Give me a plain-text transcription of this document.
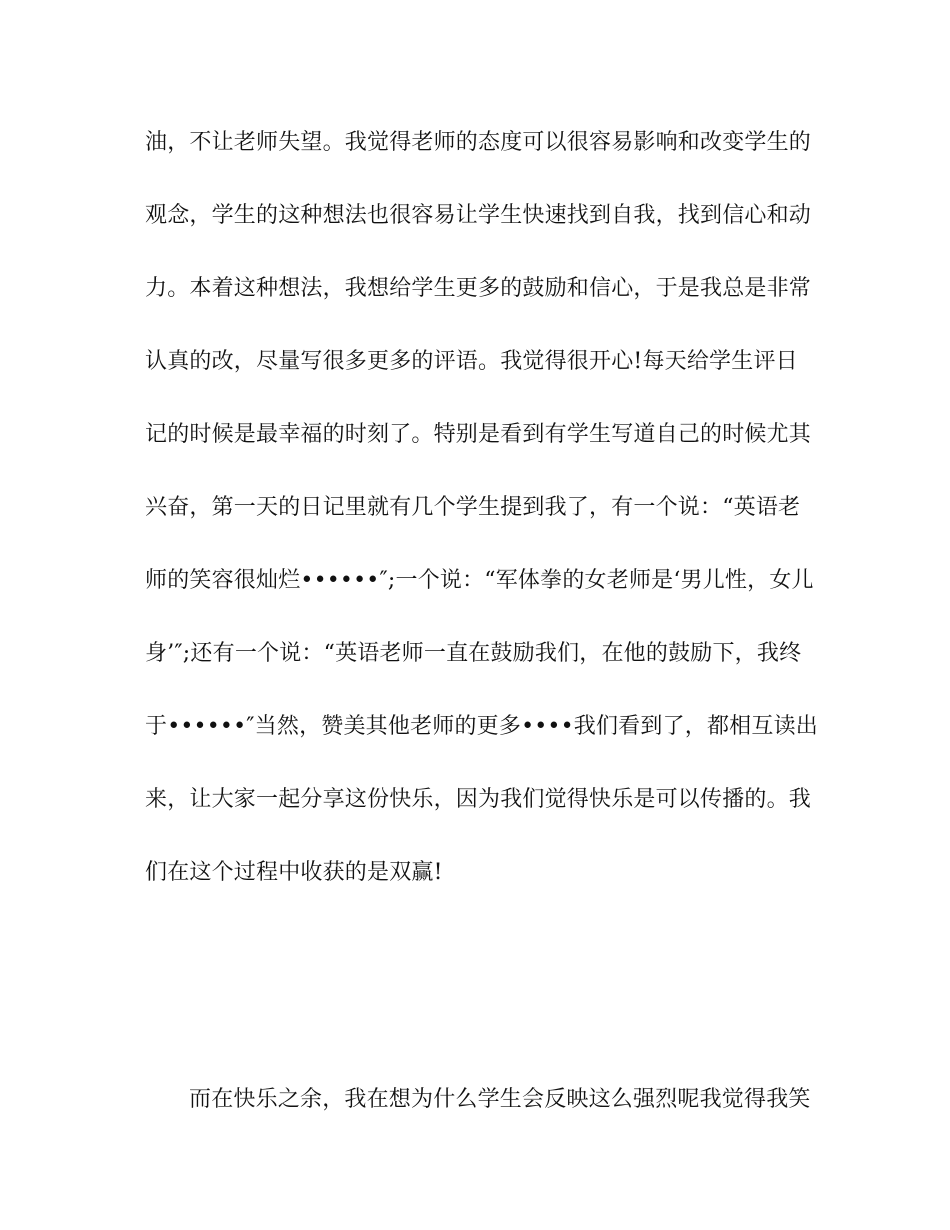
油，不让老师失望。我觉得老师的态度可以很容易影响和改变学生的
观念，学生的这种想法也很容易让学生快速找到自我，找到信心和动
力。本着这种想法，我想给学生更多的鼓励和信心，于是我总是非常
认真的改，尽量写很多更多的评语。我觉得很开心!每天给学生评日
记的时候是最幸福的时刻了。特别是看到有学生写道自己的时候尤其
兴奋，第一天的日记里就有几个学生提到我了，有一个说：“英语老
师的笑容很灿烂••••••″;一个说：“军体拳的女老师是‘男儿性，女儿
身’″;还有一个说：“英语老师一直在鼓励我们，在他的鼓励下，我终
于••••••″当然，赞美其他老师的更多••••我们看到了，都相互读出
来，让大家一起分享这份快乐，因为我们觉得快乐是可以传播的。我
们在这个过程中收获的是双赢!
而在快乐之余，我在想为什么学生会反映这么强烈呢我觉得我笑
